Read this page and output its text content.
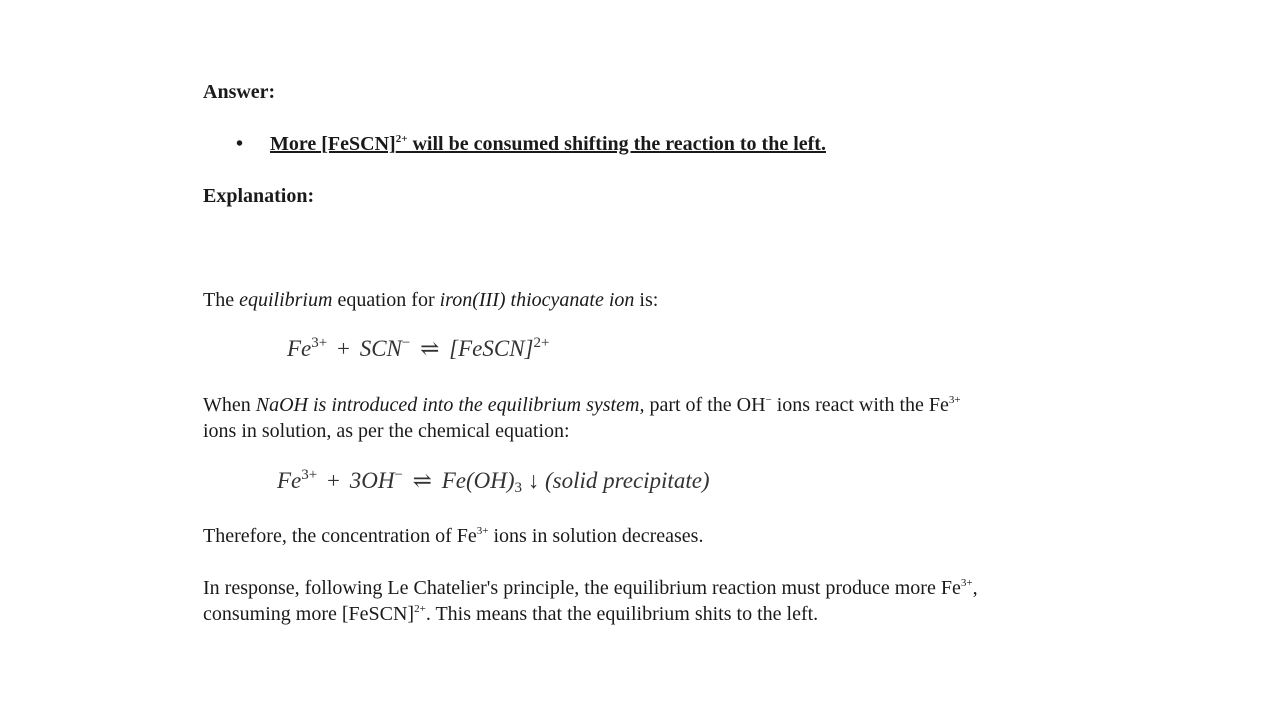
Answer:
• More [FeSCN]$^{2+}$ will be consumed shifting the reaction to the left.
Explanation:
The equilibrium equation for iron(III) thiocyanate ion is:
$Fe^{3+} + SCN^-$ ⇌ [FeSCN]$^{2+}$
When NaOH is introduced into the equilibrium system, part of the OH− ions react with the $Fe^{3+}$
ions in solution, as per the chemical equation:
$Fe^{3+} + 3OH^-$ ⇌ Fe(OH)3 ↓ (solid precipitate)
Therefore, the concentration of $Fe^{3+}$ ions in solution decreases.
In response, following Le Chatelier's principle, the equilibrium reaction must produce more $Fe^{3+}$,
consuming more [FeSCN]$^{2+}$. This means that the equilibrium shits to the left.
